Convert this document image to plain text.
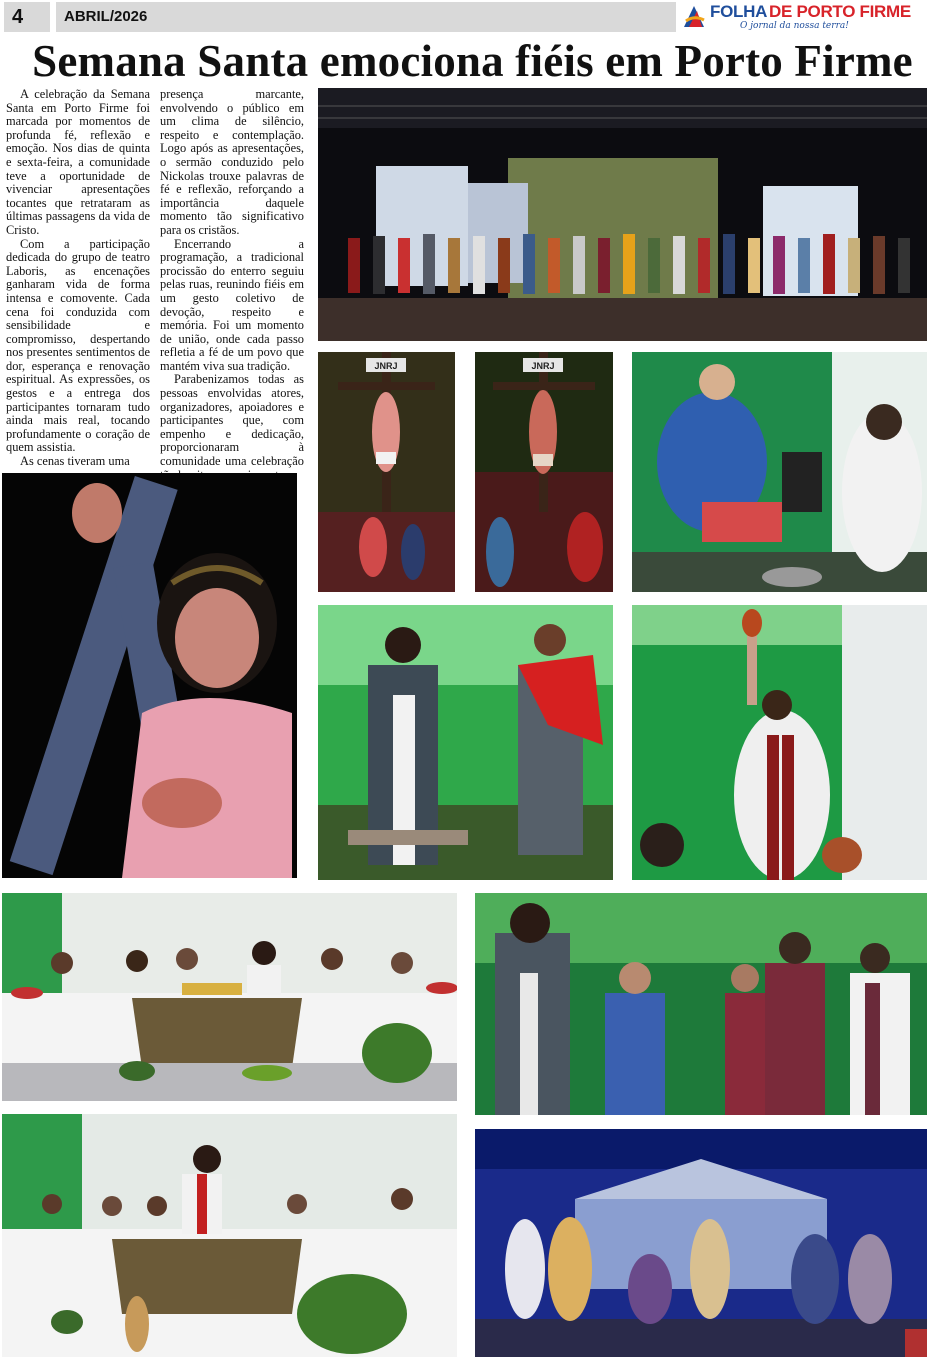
4	ABRIL/2026	FOLHA DE PORTO FIRME
O jornal da nossa terra!
Semana Santa emociona fiéis em Porto Firme

A celebração da Semana Santa em Porto Firme foi marcada por momentos de profunda fé, reflexão e emoção. Nos dias de quinta e sexta-feira, a comunidade teve a oportunidade de vivenciar apresentações tocantes que retrataram as últimas passagens da vida de Cristo.

Com a participação dedicada do grupo de teatro Laboris, as encenações ganharam vida de forma intensa e comovente. Cada cena foi conduzida com sensibilidade e compromisso, despertando nos presentes sentimentos de dor, esperança e renovação espiritual. As expressões, os gestos e a entrega dos participantes tornaram tudo ainda mais real, tocando profundamente o coração de quem assistia.

As cenas tiveram uma

presença marcante, envolvendo o público em um clima de silêncio, respeito e contemplação. Logo após as apresentações, o sermão conduzido pelo Nickolas trouxe palavras de fé e reflexão, reforçando a importância daquele momento tão significativo para os cristãos.

Encerrando a programação, a tradicional procissão do enterro seguiu pelas ruas, reunindo fiéis em um gesto coletivo de devoção, respeito e memória. Foi um momento de união, onde cada passo refletia a fé de um povo que mantém viva sua tradição.

Parabenizamos todas as pessoas envolvidas atores, organizadores, apoiadores e participantes que, com empenho e dedicação, proporcionaram à comunidade uma celebração

JNRJ	JNRJ
